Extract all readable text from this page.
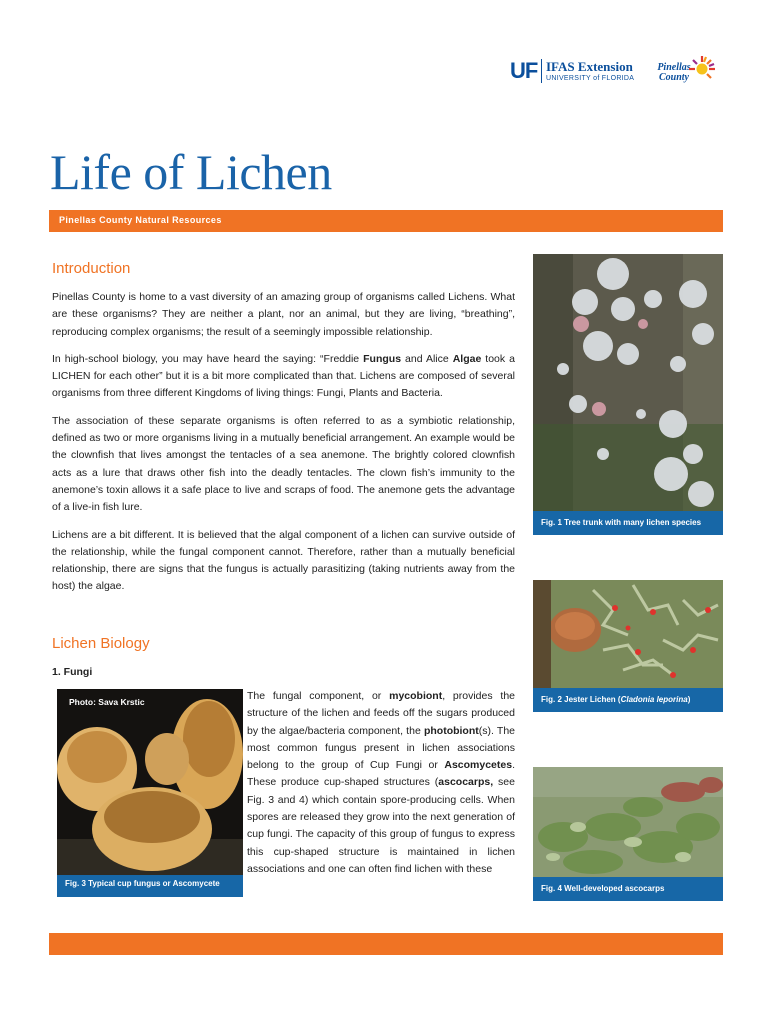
UF IFAS Extension
UNIVERSITY of FLORIDA
Pinellas
County
Life of Lichen
Pinellas County Natural Resources
Introduction

Pinellas County is home to a vast diversity of an amazing group of organisms called Lichens. What are these organisms? They are neither a plant, nor an animal, but they are living, “breathing”, reproducing complex organisms; the result of a seemingly impossible relationship.

In high-school biology, you may have heard the saying: “Freddie Fungus and Alice Algae took a LICHEN for each other” but it is a bit more complicated than that. Lichens are composed of several organisms from three different Kingdoms of living things: Fungi, Plants and Bacteria.

The association of these separate organisms is often referred to as a symbiotic relationship, defined as two or more organisms living in a mutually beneficial arrangement. An example would be the clownfish that lives amongst the tentacles of a sea anemone. The brightly colored clownfish acts as a lure that draws other fish into the deadly tentacles. The clown fish’s immunity to the anemone’s toxin allows it a safe place to live and scraps of food. The anemone gets the advantage of a live-in fish lure.

Lichens are a bit different. It is believed that the algal component of a lichen can survive outside of the relationship, while the fungal component cannot. Therefore, rather than a mutually beneficial relationship, there are signs that the fungus is actually parasitizing (taking nutrients away from the host) the algae.

Lichen Biology
1. Fungi
The fungal component, or mycobiont, provides the structure of the lichen and feeds off the sugars produced by the algae/bacteria component, the photobiont(s). The most common fungus present in lichen associations belong to the group of Cup Fungi or Ascomycetes. These produce cup-shaped structures (ascocarps, see Fig. 3 and 4) which contain spore-producing cells. When spores are released they grow into the next generation of cup fungi. The capacity of this group of fungus to express this cup-shaped structure is maintained in lichen associations and one can often find lichen with these
Fig. 1 Tree trunk with many lichen species
Fig. 2 Jester Lichen (Cladonia leporina)
Photo: Sava Krstic
Fig. 3 Typical cup fungus or Ascomycete
Fig. 4 Well-developed ascocarps
